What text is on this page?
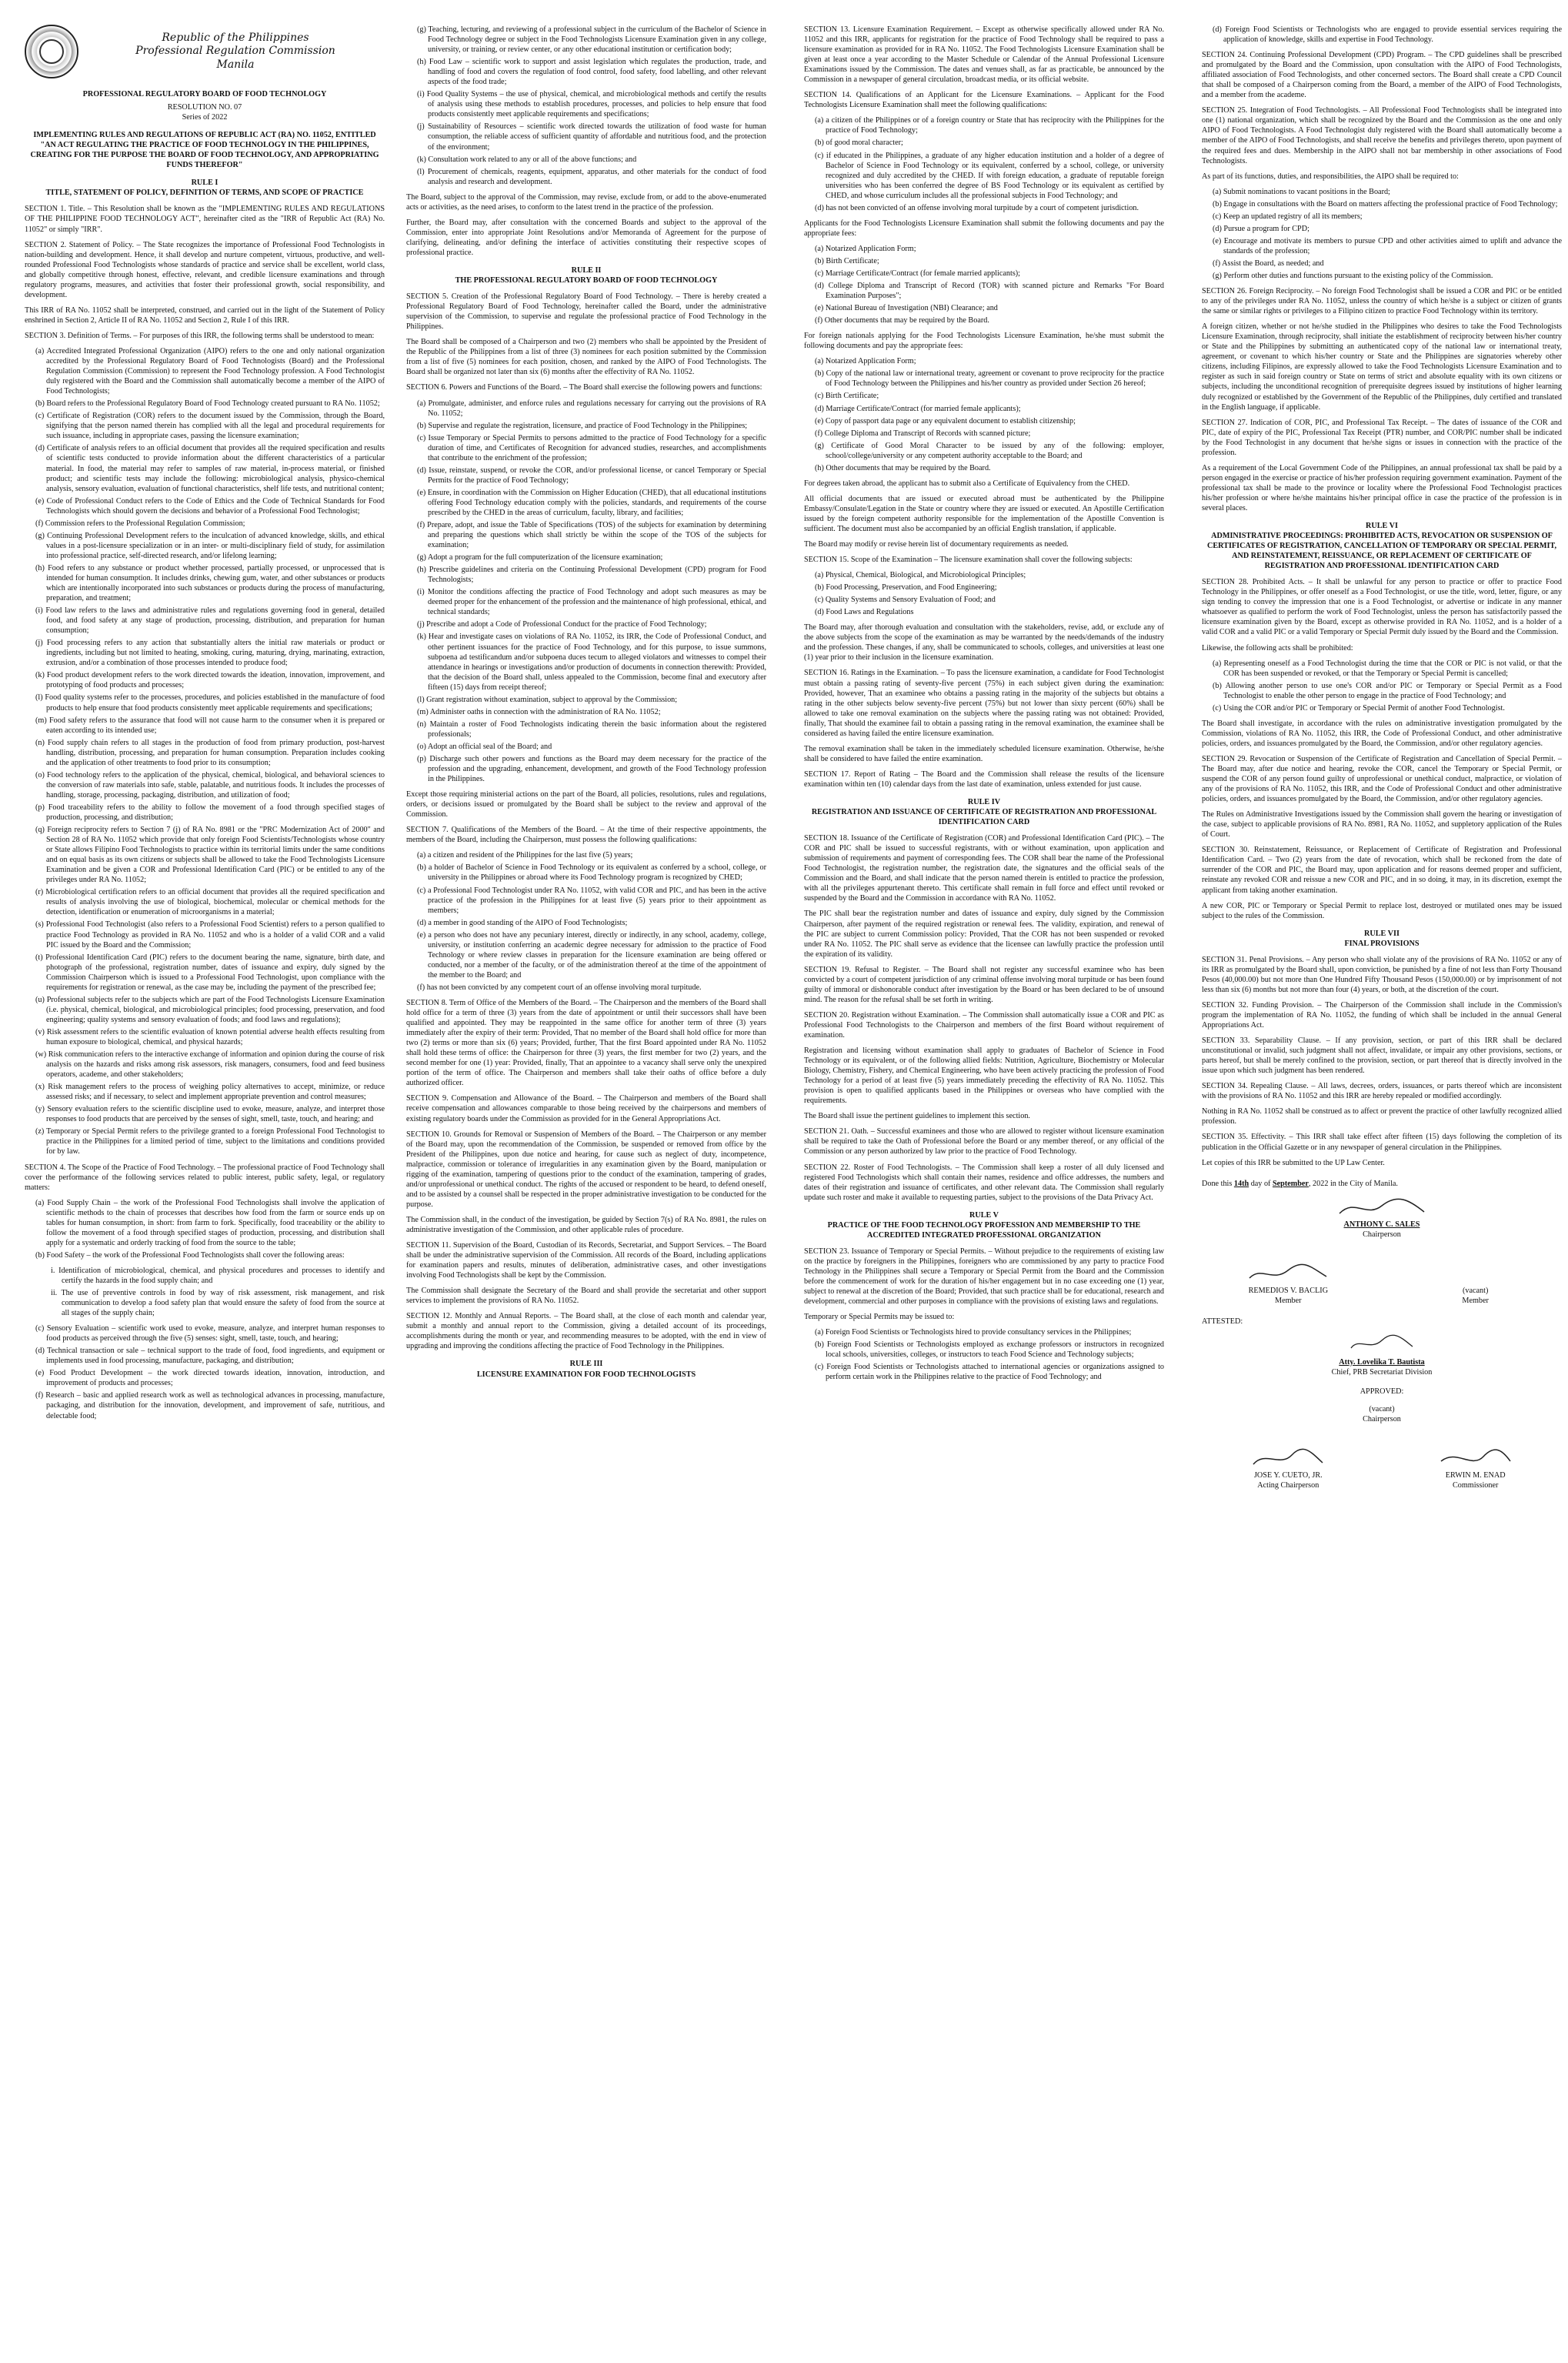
Republic of the Philippines
Professional Regulation Commission
Manila
PROFESSIONAL REGULATORY BOARD OF FOOD TECHNOLOGY
RESOLUTION NO. 07
Series of 2022

IMPLEMENTING RULES AND REGULATIONS OF REPUBLIC ACT (RA) NO. 11052, ENTITLED "AN ACT REGULATING THE PRACTICE OF FOOD TECHNOLOGY IN THE PHILIPPINES, CREATING FOR THE PURPOSE THE BOARD OF FOOD TECHNOLOGY, AND APPROPRIATING FUNDS THEREFOR"

RULE I
TITLE, STATEMENT OF POLICY, DEFINITION OF TERMS, AND SCOPE OF PRACTICE

SECTION 1. Title. – This Resolution shall be known as the "IMPLEMENTING RULES AND REGULATIONS OF THE PHILIPPINE FOOD TECHNOLOGY ACT", hereinafter cited as the "IRR of Republic Act (RA) No. 11052" or simply "IRR".

SECTION 2. Statement of Policy. – The State recognizes the importance of Professional Food Technologists in nation-building and development. Hence, it shall develop and nurture competent, virtuous, productive, and well-rounded Professional Food Technologists whose standards of practice and service shall be excellent, world class, and globally competitive through honest, effective, relevant, and credible licensure examinations and through regulatory programs, measures, and activities that foster their professional growth, social responsibility, and development.

This IRR of RA No. 11052 shall be interpreted, construed, and carried out in the light of the Statement of Policy enshrined in Section 2, Article II of RA No. 11052 and Section 2, Rule I of this IRR.

SECTION 3. Definition of Terms. – For purposes of this IRR, the following terms shall be understood to mean:

(a) Accredited Integrated Professional Organization (AIPO) refers to the one and only national organization accredited by the Professional Regulatory Board of Food Technologists (Board) and the Professional Regulation Commission (Commission) to represent the Food Technology profession. A Food Technologist duly registered with the Board and the Commission shall automatically become a member of the AIPO of Food Technologists;
(b) Board refers to the Professional Regulatory Board of Food Technology created pursuant to RA No. 11052;
(c) Certificate of Registration (COR) refers to the document issued by the Commission, through the Board, signifying that the person named therein has complied with all the legal and procedural requirements for such issuance, including in appropriate cases, passing the licensure examination;
(d) Certificate of analysis refers to an official document that provides all the required specification and results of scientific tests conducted to provide information about the different characteristics of a particular material. In food, the material may refer to samples of raw material, in-process material, or finished product; and scientific tests may include the following: microbiological analysis, physico-chemical analysis, sensory evaluation, evaluation of functional characteristics, shelf life tests, and nutritional content;
(e) Code of Professional Conduct refers to the Code of Ethics and the Code of Technical Standards for Food Technologists which should govern the decisions and behavior of a Professional Food Technologist;
(f) Commission refers to the Professional Regulation Commission;
(g) Continuing Professional Development refers to the inculcation of advanced knowledge, skills, and ethical values in a post-licensure specialization or in an inter- or multi-disciplinary field of study, for assimilation into professional practice, self-directed research, and/or lifelong learning;
(h) Food refers to any substance or product whether processed, partially processed, or unprocessed that is intended for human consumption. It includes drinks, chewing gum, water, and other substances or products which are intentionally incorporated into such substances or products during the process of manufacturing, preparation, and treatment;
(i) Food law refers to the laws and administrative rules and regulations governing food in general, detailed food, and food safety at any stage of production, processing, distribution, and preparation for human consumption;
(j) Food processing refers to any action that substantially alters the initial raw materials or product or ingredients, including but not limited to heating, smoking, curing, maturing, drying, marinating, extraction, extrusion, and/or a combination of those processes intended to produce food;
(k) Food product development refers to the work directed towards the ideation, innovation, improvement, and prototyping of food products and processes;
(l) Food quality systems refer to the processes, procedures, and policies established in the manufacture of food products to help ensure that food products consistently meet applicable requirements and specifications;
(m) Food safety refers to the assurance that food will not cause harm to the consumer when it is prepared or eaten according to its intended use;
(n) Food supply chain refers to all stages in the production of food from primary production, post-harvest handling, distribution, processing, and preparation for human consumption. Preparation includes cooking and the application of other treatments to food prior to its consumption;
(o) Food technology refers to the application of the physical, chemical, biological, and behavioral sciences to the conversion of raw materials into safe, stable, palatable, and nutritious foods. It includes the processes of handling, storage, processing, packaging, distribution, and utilization of food;
(p) Food traceability refers to the ability to follow the movement of a food through specified stages of production, processing, and distribution;
(q) Foreign reciprocity refers to Section 7 (j) of RA No. 8981 or the "PRC Modernization Act of 2000" and Section 28 of RA No. 11052 which provide that only foreign Food Scientists/Technologists whose country or State allows Filipino Food Technologists to practice within its territorial limits under the same conditions and on equal basis as its own citizens or subjects shall be allowed to take the Food Technologists Licensure Examination and be given a COR and Professional Identification Card (PIC) or be entitled to any of the privileges under RA No. 11052;
(r) Microbiological certification refers to an official document that provides all the required specification and results of analysis involving the use of biological, biochemical, molecular or chemical methods for the detection, identification or enumeration of microorganisms in a material;
(s) Professional Food Technologist (also refers to a Professional Food Scientist) refers to a person qualified to practice Food Technology as provided in RA No. 11052 and who is a holder of a valid COR and a valid PIC issued by the Board and the Commission;
(t) Professional Identification Card (PIC) refers to the document bearing the name, signature, birth date, and photograph of the professional, registration number, dates of issuance and expiry, duly signed by the Commission Chairperson which is issued to a Professional Food Technologist, upon compliance with the requirements for registration or renewal, as the case may be, including the payment of the prescribed fee;
(u) Professional subjects refer to the subjects which are part of the Food Technologists Licensure Examination (i.e. physical, chemical, biological, and microbiological principles; food processing, preservation, and food engineering; quality systems and sensory evaluation of foods; and food laws and regulations);
(v) Risk assessment refers to the scientific evaluation of known potential adverse health effects resulting from human exposure to biological, chemical, and physical hazards;
(w) Risk communication refers to the interactive exchange of information and opinion during the course of risk analysis on the hazards and risks among risk assessors, risk managers, consumers, food and feed business operators, academe, and other stakeholders;
(x) Risk management refers to the process of weighing policy alternatives to accept, minimize, or reduce assessed risks; and if necessary, to select and implement appropriate prevention and control measures;
(y) Sensory evaluation refers to the scientific discipline used to evoke, measure, analyze, and interpret those responses to food products that are perceived by the senses of sight, smell, taste, touch, and hearing; and
(z) Temporary or Special Permit refers to the privilege granted to a foreign Professional Food Technologist to practice in the Philippines for a limited period of time, subject to the limitations and conditions provided for by law.

SECTION 4. The Scope of the Practice of Food Technology. – The professional practice of Food Technology shall cover the performance of the following services related to public interest, public safety, legal, or regulatory matters:

(a) Food Supply Chain – the work of the Professional Food Technologists shall involve the application of scientific methods to the chain of processes that describes how food from the farm or source ends up on tables for human consumption, in short: from farm to fork. Specifically, food traceability or the ability to follow the movement of a food through specified stages of production, processing, and distribution shall apply for a systematic and orderly tracking of food from the source to the table;
(b) Food Safety – the work of the Professional Food Technologists shall cover the following areas:
i. Identification of microbiological, chemical, and physical procedures and processes to identify and certify the hazards in the food supply chain; and
ii. The use of preventive controls in food by way of risk assessment, risk management, and risk communication to develop a food safety plan that would ensure the safety of food from the source at all stages of the supply chain;
(c) Sensory Evaluation – scientific work used to evoke, measure, analyze, and interpret human responses to food products as perceived through the five (5) senses: sight, smell, taste, touch, and hearing;
(d) Technical transaction or sale – technical support to the trade of food, food ingredients, and equipment or implements used in food processing, manufacture, packaging, and distribution;
(e) Food Product Development – the work directed towards ideation, innovation, introduction, and improvement of products and processes;
(f) Research – basic and applied research work as well as technological advances in processing, manufacture, packaging, and distribution for the innovation, development, and improvement of safe, nutritious, and delectable food;
(g) Teaching, lecturing, and reviewing of a professional subject in the curriculum of the Bachelor of Science in Food Technology degree or subject in the Food Technologists Licensure Examination given in any college, university, or training, or review center, or any other educational institution or certification body;
(h) Food Law – scientific work to support and assist legislation which regulates the production, trade, and handling of food and covers the regulation of food control, food safety, food labelling, and other relevant aspects of the food trade;
(i) Food Quality Systems – the use of physical, chemical, and microbiological methods and certify the results of analysis using these methods to establish procedures, processes, and policies to help ensure that food products consistently meet applicable requirements and specifications;
(j) Sustainability of Resources – scientific work directed towards the utilization of food waste for human consumption, the reliable access of sufficient quantity of affordable and nutritious food, and the protection of the environment;
(k) Consultation work related to any or all of the above functions; and
(l) Procurement of chemicals, reagents, equipment, apparatus, and other materials for the conduct of food analysis and research and development.

The Board, subject to the approval of the Commission, may revise, exclude from, or add to the above-enumerated acts or activities, as the need arises, to conform to the latest trend in the practice of the profession.

Further, the Board may, after consultation with the concerned Boards and subject to the approval of the Commission, enter into appropriate Joint Resolutions and/or Memoranda of Agreement for the purpose of clarifying, delineating, and/or defining the interface of activities constituting their respective scopes of professional practice.

RULE II
THE PROFESSIONAL REGULATORY BOARD OF FOOD TECHNOLOGY

SECTION 5. Creation of the Professional Regulatory Board of Food Technology. – There is hereby created a Professional Regulatory Board of Food Technology, hereinafter called the Board, under the administrative supervision of the Commission, to supervise and regulate the professional practice of Food Technology in the Philippines.

The Board shall be composed of a Chairperson and two (2) members who shall be appointed by the President of the Republic of the Philippines from a list of three (3) nominees for each position submitted by the Commission from a list of five (5) nominees for each position, chosen, and ranked by the AIPO of Food Technologists. The Board shall be organized not later than six (6) months after the effectivity of RA No. 11052.

SECTION 6. Powers and Functions of the Board. – The Board shall exercise the following powers and functions:

(a) Promulgate, administer, and enforce rules and regulations necessary for carrying out the provisions of RA No. 11052;
(b) Supervise and regulate the registration, licensure, and practice of Food Technology in the Philippines;
(c) Issue Temporary or Special Permits to persons admitted to the practice of Food Technology for a specific duration of time, and Certificates of Recognition for advanced studies, researches, and accomplishments that contribute to the enrichment of the profession;
(d) Issue, reinstate, suspend, or revoke the COR, and/or professional license, or cancel Temporary or Special Permits for the practice of Food Technology;
(e) Ensure, in coordination with the Commission on Higher Education (CHED), that all educational institutions offering Food Technology education comply with the policies, standards, and requirements of the course prescribed by the CHED in the areas of curriculum, faculty, library, and facilities;
(f) Prepare, adopt, and issue the Table of Specifications (TOS) of the subjects for examination by determining and preparing the questions which shall strictly be within the scope of the TOS of the subjects for examination;
(g) Adopt a program for the full computerization of the licensure examination;
(h) Prescribe guidelines and criteria on the Continuing Professional Development (CPD) program for Food Technologists;
(i) Monitor the conditions affecting the practice of Food Technology and adopt such measures as may be deemed proper for the enhancement of the profession and the maintenance of high professional, ethical, and technical standards;
(j) Prescribe and adopt a Code of Professional Conduct for the practice of Food Technology;
(k) Hear and investigate cases on violations of RA No. 11052, its IRR, the Code of Professional Conduct, and other pertinent issuances for the practice of Food Technology, and for this purpose, to issue summons, subpoena ad testificandum and/or subpoena duces tecum to alleged violators and witnesses to compel their attendance in hearings or investigations and/or production of documents in connection therewith: Provided, that the decision of the Board shall, unless appealed to the Commission, become final and executory after fifteen (15) days from receipt thereof;
(l) Grant registration without examination, subject to approval by the Commission;
(m) Administer oaths in connection with the administration of RA No. 11052;
(n) Maintain a roster of Food Technologists indicating therein the basic information about the registered professionals;
(o) Adopt an official seal of the Board; and
(p) Discharge such other powers and functions as the Board may deem necessary for the practice of the profession and the upgrading, enhancement, development, and growth of the Food Technology profession in the Philippines.

Except those requiring ministerial actions on the part of the Board, all policies, resolutions, rules and regulations, orders, or decisions issued or promulgated by the Board shall be subject to the review and approval of the Commission.

SECTION 7. Qualifications of the Members of the Board. – At the time of their respective appointments, the members of the Board, including the Chairperson, must possess the following qualifications:

(a) a citizen and resident of the Philippines for the last five (5) years;
(b) a holder of Bachelor of Science in Food Technology or its equivalent as conferred by a school, college, or university in the Philippines or abroad where its Food Technology program is recognized by CHED;
(c) a Professional Food Technologist under RA No. 11052, with valid COR and PIC, and has been in the active practice of the profession in the Philippines for at least five (5) years prior to their appointment as members;
(d) a member in good standing of the AIPO of Food Technologists;
(e) a person who does not have any pecuniary interest, directly or indirectly, in any school, academy, college, university, or institution conferring an academic degree necessary for admission to the practice of Food Technology or where review classes in preparation for the licensure examination are being offered or conducted, nor a member of the faculty, or of the administration thereof at the time of the appointment of the member to the Board; and
(f) has not been convicted by any competent court of an offense involving moral turpitude.

SECTION 8. Term of Office of the Members of the Board. – The Chairperson and the members of the Board shall hold office for a term of three (3) years from the date of appointment or until their successors shall have been qualified and appointed. They may be reappointed in the same office for another term of three (3) years immediately after the expiry of their term: Provided, That no member of the Board shall hold office for more than two (2) terms or more than six (6) years; Provided, further, That the first Board appointed under RA No. 11052 shall hold these terms of office: the Chairperson for three (3) years, the first member for two (2) years, and the second member for one (1) year: Provided, finally, That an appointee to a vacancy shall serve only the unexpired portion of the term of office. The Chairperson and members shall take their oaths of office before a duly authorized officer.

SECTION 9. Compensation and Allowance of the Board. – The Chairperson and members of the Board shall receive compensation and allowances comparable to those being received by the chairpersons and members of existing regulatory boards under the Commission as provided for in the General Appropriations Act.

SECTION 10. Grounds for Removal or Suspension of Members of the Board. – The Chairperson or any member of the Board may, upon the recommendation of the Commission, be suspended or removed from office by the President of the Philippines, upon due notice and hearing, for cause such as neglect of duty, incompetence, malpractice, commission or tolerance of irregularities in any examination given by the Board, manipulation or rigging of the examination, tampering of questions prior to the conduct of the examination, tampering of grades, and/or unprofessional or unethical conduct. The rights of the accused or respondent to be heard, to defend oneself, and to be assisted by a counsel shall be respected in the proper administrative investigation to be conducted for the purpose.

The Commission shall, in the conduct of the investigation, be guided by Section 7(s) of RA No. 8981, the rules on administrative investigation of the Commission, and other applicable rules of procedure.

SECTION 11. Supervision of the Board, Custodian of its Records, Secretariat, and Support Services. – The Board shall be under the administrative supervision of the Commission. All records of the Board, including applications for examination papers and results, minutes of deliberation, administrative cases, and other investigations involving Food Technologists shall be kept by the Commission.

The Commission shall designate the Secretary of the Board and shall provide the secretariat and other support services to implement the provisions of RA No. 11052.

SECTION 12. Monthly and Annual Reports. – The Board shall, at the close of each month and calendar year, submit a monthly and annual report to the Commission, giving a detailed account of its proceedings, accomplishments during the month or year, and recommending measures to be adopted, with the end in view of upgrading and improving the conditions affecting the practice of Food Technology in the Philippines.

RULE III
LICENSURE EXAMINATION FOR FOOD TECHNOLOGISTS

SECTION 13. Licensure Examination Requirement. – Except as otherwise specifically allowed under RA No. 11052 and this IRR, applicants for registration for the practice of Food Technology shall be required to pass a licensure examination as provided for in RA No. 11052. The Food Technologists Licensure Examination shall be given at least once a year according to the Master Schedule or Calendar of the Annual Professional Licensure Examinations issued by the Commission. The dates and venues shall, as far as practicable, be announced by the Commission in a newspaper of general circulation, broadcast media, or its official website.

SECTION 14. Qualifications of an Applicant for the Licensure Examinations. – Applicant for the Food Technologists Licensure Examination shall meet the following qualifications:

(a) a citizen of the Philippines or of a foreign country or State that has reciprocity with the Philippines for the practice of Food Technology;
(b) of good moral character;
(c) if educated in the Philippines, a graduate of any higher education institution and a holder of a degree of Bachelor of Science in Food Technology or its equivalent, conferred by a school, college, or university recognized and duly accredited by the CHED. If with foreign education, a graduate of reputable foreign universities who has been conferred the degree of BS Food Technology or its equivalent as certified by CHED, and whose curriculum includes all the professional subjects in Food Technology; and
(d) has not been convicted of an offense involving moral turpitude by a court of competent jurisdiction.

Applicants for the Food Technologists Licensure Examination shall submit the following documents and pay the appropriate fees:

(a) Notarized Application Form;
(b) Birth Certificate;
(c) Marriage Certificate/Contract (for female married applicants);
(d) College Diploma and Transcript of Record (TOR) with scanned picture and Remarks "For Board Examination Purposes";
(e) National Bureau of Investigation (NBI) Clearance; and
(f) Other documents that may be required by the Board.

For foreign nationals applying for the Food Technologists Licensure Examination, he/she must submit the following documents and pay the appropriate fees:

(a) Notarized Application Form;
(b) Copy of the national law or international treaty, agreement or covenant to prove reciprocity for the practice of Food Technology between the Philippines and his/her country as provided under Section 26 hereof;
(c) Birth Certificate;
(d) Marriage Certificate/Contract (for married female applicants);
(e) Copy of passport data page or any equivalent document to establish citizenship;
(f) College Diploma and Transcript of Records with scanned picture;
(g) Certificate of Good Moral Character to be issued by any of the following: employer, school/college/university or any competent authority acceptable to the Board; and
(h) Other documents that may be required by the Board.

For degrees taken abroad, the applicant has to submit also a Certificate of Equivalency from the CHED.

All official documents that are issued or executed abroad must be authenticated by the Philippine Embassy/Consulate/Legation in the State or country where they are issued or executed. An Apostille Certification issued by the foreign competent authority responsible for the implementation of the Apostille Convention is sufficient. The document must also be accompanied by an official English translation, if applicable.

The Board may modify or revise herein list of documentary requirements as needed.

SECTION 15. Scope of the Examination – The licensure examination shall cover the following subjects:

(a) Physical, Chemical, Biological, and Microbiological Principles;
(b) Food Processing, Preservation, and Food Engineering;
(c) Quality Systems and Sensory Evaluation of Food; and
(d) Food Laws and Regulations

The Board may, after thorough evaluation and consultation with the stakeholders, revise, add, or exclude any of the above subjects from the scope of the examination as may be warranted by the needs/demands of the industry and the profession. These changes, if any, shall be communicated to schools, colleges, and universities at least one (1) year prior to their inclusion in the licensure examination.

SECTION 16. Ratings in the Examination. – To pass the licensure examination, a candidate for Food Technologist must obtain a passing rating of seventy-five percent (75%) in each subject given during the examination: Provided, however, That an examinee who obtains a passing rating in the majority of the subjects but obtains a rating in the other subjects below seventy-five percent (75%) but not lower than sixty percent (60%) shall be allowed to take one removal examination on the subjects where the passing rating was not obtained: Provided, finally, That should the examinee fail to obtain a passing rating in the removal examination, the examinee shall be considered as having failed the entire licensure examination.

The removal examination shall be taken in the immediately scheduled licensure examination. Otherwise, he/she shall be considered to have failed the entire examination.

SECTION 17. Report of Rating – The Board and the Commission shall release the results of the licensure examination within ten (10) calendar days from the last date of examination, unless extended for just cause.

RULE IV
REGISTRATION AND ISSUANCE OF CERTIFICATE OF REGISTRATION AND PROFESSIONAL IDENTIFICATION CARD

SECTION 18. Issuance of the Certificate of Registration (COR) and Professional Identification Card (PIC). – The COR and PIC shall be issued to successful registrants, with or without examination, upon application and submission of requirements and payment of corresponding fees. The COR shall bear the name of the Professional Food Technologist, the registration number, the registration date, the signatures and the official seals of the Commission and the Board, and shall indicate that the person named therein is entitled to practice the profession, with all the privileges appurtenant thereto. This certificate shall remain in full force and effect until revoked or suspended by the Board and the Commission in accordance with RA No. 11052.

The PIC shall bear the registration number and dates of issuance and expiry, duly signed by the Commission Chairperson, after payment of the required registration or renewal fees. The validity, expiration, and renewal of the PIC are subject to current Commission policy: Provided, That the COR has not been suspended or revoked under RA No. 11052. The PIC shall serve as evidence that the licensee can lawfully practice the profession until the expiration of its validity.

SECTION 19. Refusal to Register. – The Board shall not register any successful examinee who has been convicted by a court of competent jurisdiction of any criminal offense involving moral turpitude or has been found guilty of immoral or dishonorable conduct after investigation by the Board or has been declared to be of unsound mind. The reason for the refusal shall be set forth in writing.

SECTION 20. Registration without Examination. – The Commission shall automatically issue a COR and PIC as Professional Food Technologists to the Chairperson and members of the first Board without requirement of examination.

Registration and licensing without examination shall apply to graduates of Bachelor of Science in Food Technology or its equivalent, or of the following allied fields: Nutrition, Agriculture, Biochemistry or Molecular Biology, Chemistry, Fishery, and Chemical Engineering, who have been actively practicing the profession of Food Technology for a period of at least five (5) years immediately preceding the effectivity of RA No. 11052. This provision is open to qualified applicants based in the Philippines or overseas who have complied with the requirements.

The Board shall issue the pertinent guidelines to implement this section.

SECTION 21. Oath. – Successful examinees and those who are allowed to register without licensure examination shall be required to take the Oath of Professional before the Board or any member thereof, or any official of the Commission or any person authorized by law prior to the practice of Food Technology.

SECTION 22. Roster of Food Technologists. – The Commission shall keep a roster of all duly licensed and registered Food Technologists which shall contain their names, residence and office addresses, the numbers and dates of their registration and issuance of certificates, and other relevant data. The Commission shall regularly update such roster and make it available to requesting parties, subject to the provisions of the Data Privacy Act.

RULE V
PRACTICE OF THE FOOD TECHNOLOGY PROFESSION AND MEMBERSHIP TO THE ACCREDITED INTEGRATED PROFESSIONAL ORGANIZATION

SECTION 23. Issuance of Temporary or Special Permits. – Without prejudice to the requirements of existing law on the practice by foreigners in the Philippines, foreigners who are commissioned by any party to practice Food Technology in the Philippines shall secure a Temporary or Special Permit from the Board and the Commission before the commencement of work for the duration of his/her engagement but in no case exceeding one (1) year, subject to renewal at the discretion of the Board; Provided, that such practice shall be for educational, research and development, commercial and other purposes in compliance with the provisions of existing laws and regulations.

Temporary or Special Permits may be issued to:

(a) Foreign Food Scientists or Technologists hired to provide consultancy services in the Philippines;
(b) Foreign Food Scientists or Technologists employed as exchange professors or instructors in recognized local schools, universities, colleges, or instructors to teach Food Science and Technology subjects;
(c) Foreign Food Scientists or Technologists attached to international agencies or organizations assigned to perform certain work in the Philippines relative to the practice of Food Technology; and
(d) Foreign Food Scientists or Technologists who are engaged to provide essential services requiring the application of knowledge, skills and expertise in Food Technology.

SECTION 24. Continuing Professional Development (CPD) Program. – The CPD guidelines shall be prescribed and promulgated by the Board and the Commission, upon consultation with the AIPO of Food Technologists, affiliated association of Food Technologists, and other concerned sectors. The Board shall create a CPD Council that shall be composed of a Chairperson coming from the Board, a member of the AIPO of Food Technologists, and a member from the academe.

SECTION 25. Integration of Food Technologists. – All Professional Food Technologists shall be integrated into one (1) national organization, which shall be recognized by the Board and the Commission as the one and only AIPO of Food Technologists. A Food Technologist duly registered with the Board shall automatically become a member of the AIPO of Food Technologists, and shall receive the benefits and privileges thereto, upon payment of the required fees and dues. Membership in the AIPO shall not bar membership in other associations of Food Technologists.

As part of its functions, duties, and responsibilities, the AIPO shall be required to:

(a) Submit nominations to vacant positions in the Board;
(b) Engage in consultations with the Board on matters affecting the professional practice of Food Technology;
(c) Keep an updated registry of all its members;
(d) Pursue a program for CPD;
(e) Encourage and motivate its members to pursue CPD and other activities aimed to uplift and advance the standards of the profession;
(f) Assist the Board, as needed; and
(g) Perform other duties and functions pursuant to the existing policy of the Commission.

SECTION 26. Foreign Reciprocity. – No foreign Food Technologist shall be issued a COR and PIC or be entitled to any of the privileges under RA No. 11052, unless the country of which he/she is a subject or citizen of grants the same or similar rights or privileges to a Filipino citizen to practice Food Technology within its territory.

A foreign citizen, whether or not he/she studied in the Philippines who desires to take the Food Technologists Licensure Examination, through reciprocity, shall initiate the establishment of reciprocity between his/her country or State and the Philippines by submitting an authenticated copy of the national law or international treaty, agreement, or covenant to which his/her country or State and the Philippines are signatories whereby other citizens, including Filipinos, are expressly allowed to take the Food Technologists Licensure Examination and to register as such in said foreign country or State on terms of strict and absolute equality with its own citizens or subjects, including the unconditional recognition of prerequisite degrees issued by institutions of higher learning duly recognized or established by the Government of the Republic of the Philippines, duly certified and translated in the English language, if applicable.

SECTION 27. Indication of COR, PIC, and Professional Tax Receipt. – The dates of issuance of the COR and PIC, date of expiry of the PIC, Professional Tax Receipt (PTR) number, and COR/PIC number shall be indicated by the Food Technologist in any document that he/she signs or issues in connection with the practice of the profession.

As a requirement of the Local Government Code of the Philippines, an annual professional tax shall be paid by a person engaged in the exercise or practice of his/her profession requiring government examination. Payment of the professional tax shall be made to the province or locality where the Professional Food Technologist practices his/her profession or where he/she maintains his/her principal office in case the practice of the profession is in several places.

RULE VI
ADMINISTRATIVE PROCEEDINGS: PROHIBITED ACTS, REVOCATION OR SUSPENSION OF CERTIFICATES OF REGISTRATION, CANCELLATION OF TEMPORARY OR SPECIAL PERMIT, AND REINSTATEMENT, REISSUANCE, OR REPLACEMENT OF CERTIFICATE OF REGISTRATION AND PROFESSIONAL IDENTIFICATION CARD

SECTION 28. Prohibited Acts. – It shall be unlawful for any person to practice or offer to practice Food Technology in the Philippines, or offer oneself as a Food Technologist, or use the title, word, letter, figure, or any sign tending to convey the impression that one is a Food Technologist, or advertise or indicate in any manner whatsoever as qualified to perform the work of Food Technologist, unless the person has satisfactorily passed the licensure examination given by the Board, except as otherwise provided in RA No. 11052, and is a holder of a valid COR and a valid PIC or a valid Temporary or Special Permit duly issued by the Board and the Commission.

Likewise, the following acts shall be prohibited:

(a) Representing oneself as a Food Technologist during the time that the COR or PIC is not valid, or that the COR has been suspended or revoked, or that the Temporary or Special Permit is cancelled;
(b) Allowing another person to use one's COR and/or PIC or Temporary or Special Permit as a Food Technologist to enable the other person to engage in the practice of Food Technology; and
(c) Using the COR and/or PIC or Temporary or Special Permit of another Food Technologist.

The Board shall investigate, in accordance with the rules on administrative investigation promulgated by the Commission, violations of RA No. 11052, this IRR, the Code of Professional Conduct, and other administrative policies, orders, and issuances promulgated by the Board, the Commission, and/or other regulatory agencies.

SECTION 29. Revocation or Suspension of the Certificate of Registration and Cancellation of Special Permit. – The Board may, after due notice and hearing, revoke the COR, cancel the Temporary or Special Permit, or suspend the COR of any person found guilty of unprofessional or unethical conduct, malpractice, or violation of any of the provisions of RA No. 11052, this IRR, and the Code of Professional Conduct and other administrative policies, orders, and issuances promulgated by the Board, the Commission, and/or other regulatory agencies.

The Rules on Administrative Investigations issued by the Commission shall govern the hearing or investigation of the case, subject to applicable provisions of RA No. 8981, RA No. 11052, and suppletory application of the Rules of Court.

SECTION 30. Reinstatement, Reissuance, or Replacement of Certificate of Registration and Professional Identification Card. – Two (2) years from the date of revocation, which shall be reckoned from the date of surrender of the COR and PIC, the Board may, upon application and for reasons deemed proper and sufficient, reinstate any revoked COR and reissue a new COR and PIC, and in so doing, it may, in its discretion, exempt the applicant from taking another examination.

A new COR, PIC or Temporary or Special Permit to replace lost, destroyed or mutilated ones may be issued subject to the rules of the Commission.

RULE VII
FINAL PROVISIONS

SECTION 31. Penal Provisions. – Any person who shall violate any of the provisions of RA No. 11052 or any of its IRR as promulgated by the Board shall, upon conviction, be punished by a fine of not less than Forty Thousand Pesos (40,000.00) but not more than One Hundred Fifty Thousand Pesos (150,000.00) or by imprisonment of not less than six (6) months but not more than four (4) years, or both, at the discretion of the court.

SECTION 32. Funding Provision. – The Chairperson of the Commission shall include in the Commission's program the implementation of RA No. 11052, the funding of which shall be included in the annual General Appropriations Act.

SECTION 33. Separability Clause. – If any provision, section, or part of this IRR shall be declared unconstitutional or invalid, such judgment shall not affect, invalidate, or impair any other provisions, sections, or parts hereof, but shall be merely confined to the provision, section, or part thereof that is directly involved in the issue upon which such judgment has been rendered.

SECTION 34. Repealing Clause. – All laws, decrees, orders, issuances, or parts thereof which are inconsistent with the provisions of RA No. 11052 and this IRR are hereby repealed or modified accordingly.

Nothing in RA No. 11052 shall be construed as to affect or prevent the practice of other lawfully recognized allied profession.

SECTION 35. Effectivity. – This IRR shall take effect after fifteen (15) days following the completion of its publication in the Official Gazette or in any newspaper of general circulation in the Philippines.

Let copies of this IRR be submitted to the UP Law Center.

Done this 14th day of September, 2022 in the City of Manila.

ANTHONY C. SALES
Chairperson
REMEDIOS V. BACLIG
Member
(vacant)
Member

ATTESTED:

Atty. Lovelika T. Bautista
Chief, PRB Secretariat Division

APPROVED:

(vacant)
Chairperson
JOSE Y. CUETO, JR.
Acting Chairperson
ERWIN M. ENAD
Commissioner
